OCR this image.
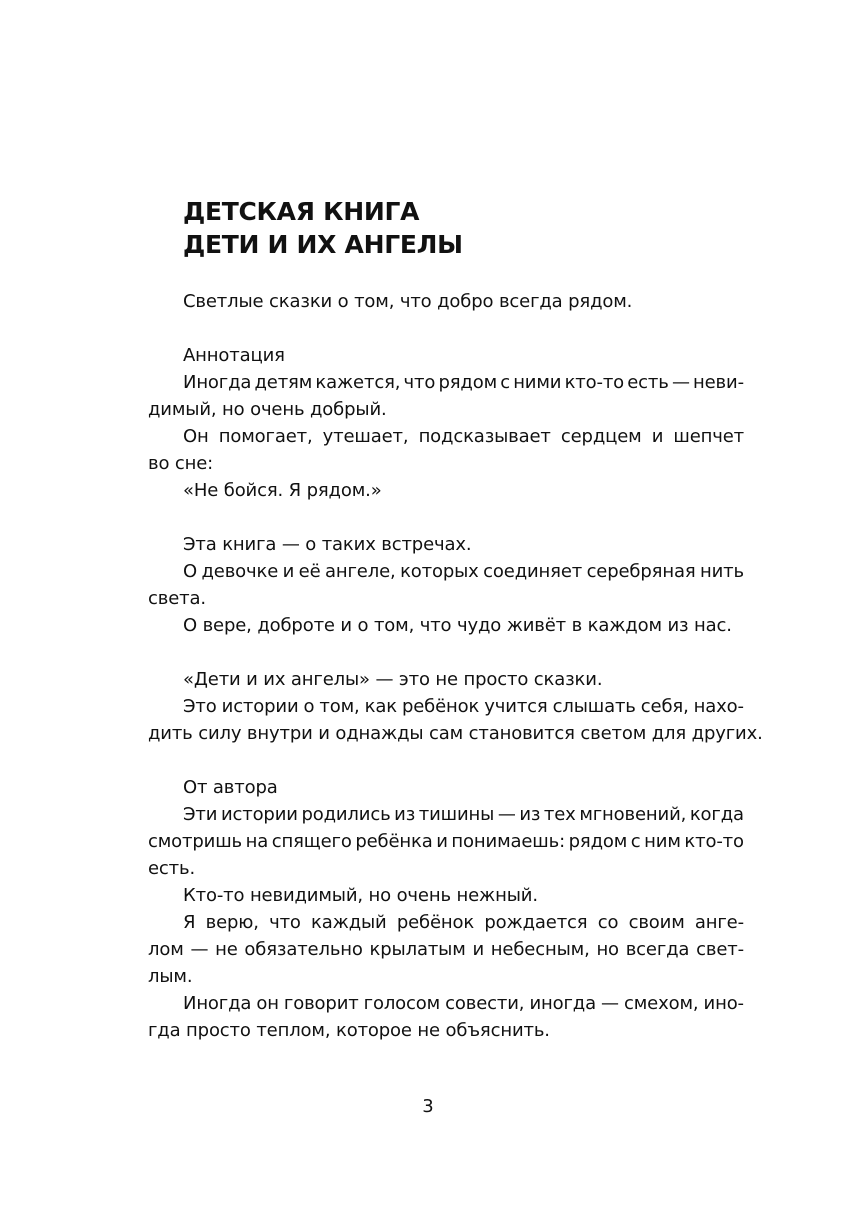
ДЕТСКАЯ КНИГА
ДЕТИ И ИХ АНГЕЛЫ
Светлые сказки о том, что добро всегда рядом.
Аннотация
Иногда детям кажется, что рядом с ними кто-то есть — неви-
димый, но очень добрый.
Он помогает, утешает, подсказывает сердцем и шепчет
во сне:
«Не бойся. Я рядом.»
Эта книга — о таких встречах.
О девочке и её ангеле, которых соединяет серебряная нить
света.
О вере, доброте и о том, что чудо живёт в каждом из нас.
«Дети и их ангелы» — это не просто сказки.
Это истории о том, как ребёнок учится слышать себя, нахо-
дить силу внутри и однажды сам становится светом для других.
От автора
Эти истории родились из тишины — из тех мгновений, когда
смотришь на спящего ребёнка и понимаешь: рядом с ним кто-то
есть.
Кто-то невидимый, но очень нежный.
Я верю, что каждый ребёнок рождается со своим анге-
лом — не обязательно крылатым и небесным, но всегда свет-
лым.
Иногда он говорит голосом совести, иногда — смехом, ино-
гда просто теплом, которое не объяснить.
3
